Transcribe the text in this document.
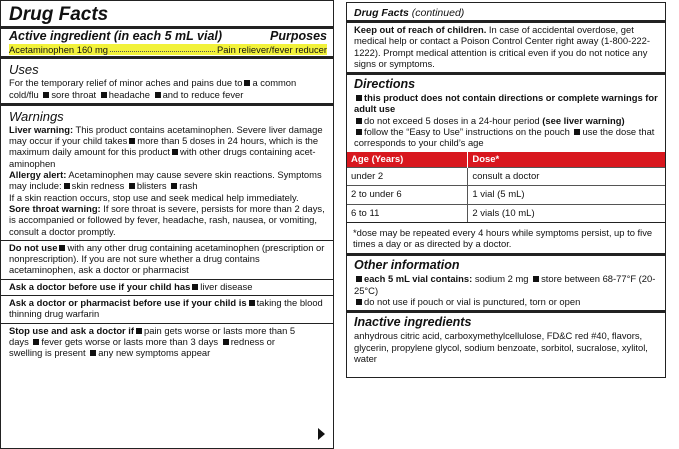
Drug Facts
Active ingredient (in each 5 mL vial)	Purposes
Acetaminophen 160 mg	Pain reliever/fever reducer
Uses

For the temporary relief of minor aches and pains due to a common cold/flu sore throat headache and to reduce fever

Warnings

Liver warning: This product contains acetaminophen. Severe liver damage may occur if your child takes more than 5 doses in 24 hours, which is the maximum daily amount for this product with other drugs containing acetaminophen

Allergy alert: Acetaminophen may cause severe skin reactions. Symptoms may include: skin redness blisters rash
If a skin reaction occurs, stop use and seek medical help immediately.

Sore throat warning: If sore throat is severe, persists for more than 2 days, is accompanied or followed by fever, headache, rash, nausea, or vomiting, consult a doctor promptly.

Do not use with any other drug containing acetaminophen (prescription or nonprescription). If you are not sure whether a drug contains acetaminophen, ask a doctor or pharmacist

Ask a doctor before use if your child has liver disease

Ask a doctor or pharmacist before use if your child is taking the blood thinning drug warfarin

Stop use and ask a doctor if pain gets worse or lasts more than 5 days fever gets worse or lasts more than 3 days redness or swelling is present any new symptoms appear

Drug Facts (continued)

Keep out of reach of children. In case of accidental overdose, get medical help or contact a Poison Control Center right away (1-800-222-1222). Prompt medical attention is critical even if you do not notice any signs or symptoms.

Directions

this product does not contain directions or complete warnings for adult use

do not exceed 5 doses in a 24-hour period (see liver warning)

follow the “Easy to Use” instructions on the pouch use the dose that corresponds to your child’s age

Age (Years)	Dose*
under 2	consult a doctor
2 to under 6	1 vial (5 mL)
6 to 11	2 vials (10 mL)
*dose may be repeated every 4 hours while symptoms persist, up to five times a day or as directed by a doctor.
Other information

each 5 mL vial contains: sodium 2 mg store between 68-77°F (20-25°C)

do not use if pouch or vial is punctured, torn or open

Inactive ingredients

anhydrous citric acid, carboxymethylcellulose, FD&C red #40, flavors, glycerin, propylene glycol, sodium benzoate, sorbitol, sucralose, xylitol, water
